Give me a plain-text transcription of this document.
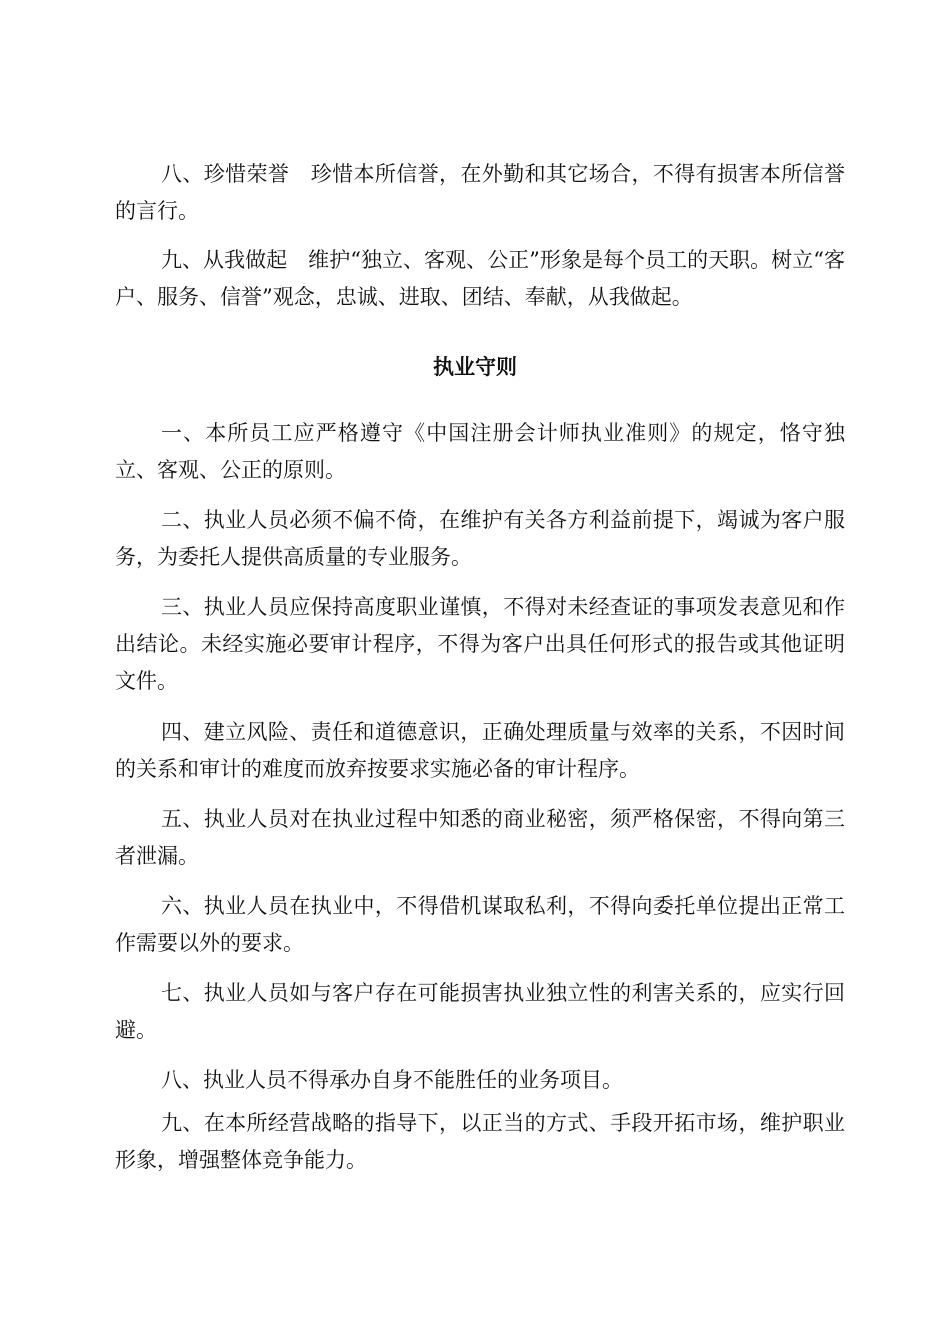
八、珍惜荣誉　珍惜本所信誉，在外勤和其它场合，不得有损害本所信誉的言行。
九、从我做起　维护“独立、客观、公正”形象是每个员工的天职。树立“客户、服务、信誉”观念，忠诚、进取、团结、奉献，从我做起。
执业守则
一、本所员工应严格遵守《中国注册会计师执业准则》的规定，恪守独立、客观、公正的原则。
二、执业人员必须不偏不倚，在维护有关各方利益前提下，竭诚为客户服务，为委托人提供高质量的专业服务。
三、执业人员应保持高度职业谨慎，不得对未经查证的事项发表意见和作出结论。未经实施必要审计程序，不得为客户出具任何形式的报告或其他证明文件。
四、建立风险、责任和道德意识，正确处理质量与效率的关系，不因时间的关系和审计的难度而放弃按要求实施必备的审计程序。
五、执业人员对在执业过程中知悉的商业秘密，须严格保密，不得向第三者泄漏。
六、执业人员在执业中，不得借机谋取私利，不得向委托单位提出正常工作需要以外的要求。
七、执业人员如与客户存在可能损害执业独立性的利害关系的，应实行回避。
八、执业人员不得承办自身不能胜任的业务项目。
九、在本所经营战略的指导下，以正当的方式、手段开拓市场，维护职业形象，增强整体竞争能力。
